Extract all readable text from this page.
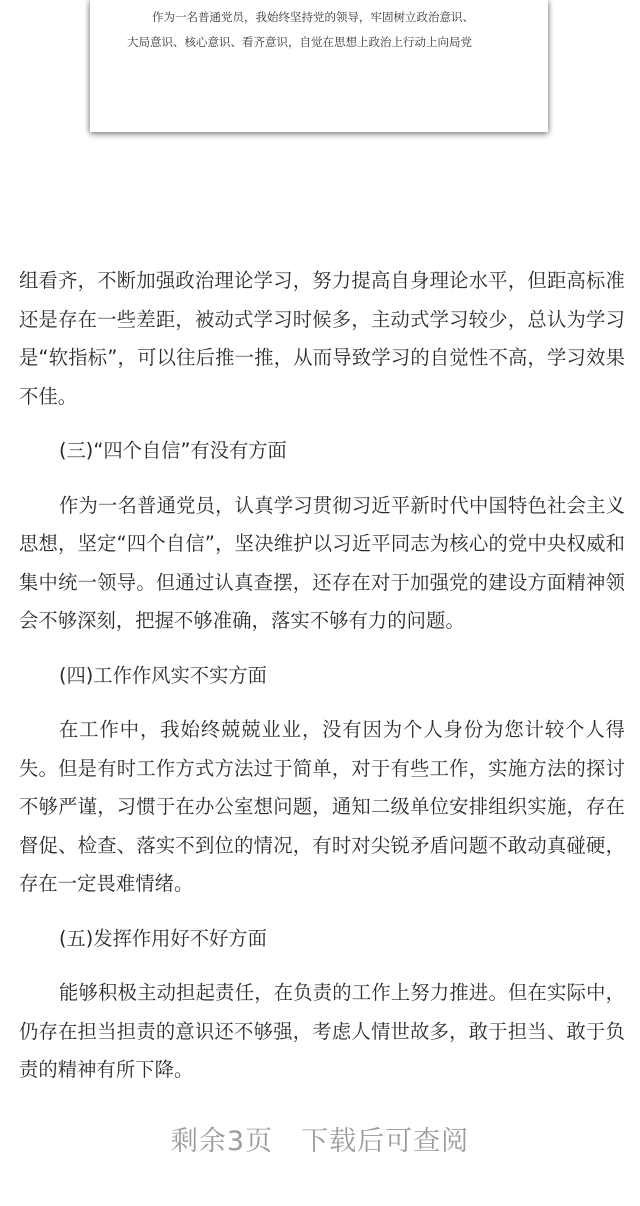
作为一名普通党员，我始终坚持党的领导，牢固树立政治意识、
大局意识、核心意识、看齐意识，自觉在思想上政治上行动上向局党

组看齐，不断加强政治理论学习，努力提高自身理论水平，但距高标准还是存在一些差距，被动式学习时候多，主动式学习较少，总认为学习是“软指标”，可以往后推一推，从而导致学习的自觉性不高，学习效果不佳。

(三)“四个自信”有没有方面

作为一名普通党员，认真学习贯彻习近平新时代中国特色社会主义思想，坚定“四个自信”，坚决维护以习近平同志为核心的党中央权威和集中统一领导。但通过认真查摆，还存在对于加强党的建设方面精神领会不够深刻，把握不够准确，落实不够有力的问题。

(四)工作作风实不实方面

在工作中，我始终兢兢业业，没有因为个人身份为您计较个人得失。但是有时工作方式方法过于简单，对于有些工作，实施方法的探讨不够严谨，习惯于在办公室想问题，通知二级单位安排组织实施，存在督促、检查、落实不到位的情况，有时对尖锐矛盾问题不敢动真碰硬，存在一定畏难情绪。

(五)发挥作用好不好方面

能够积极主动担起责任，在负责的工作上努力推进。但在实际中，仍存在担当担责的意识还不够强，考虑人情世故多，敢于担当、敢于负责的精神有所下降。

剩余3页 下载后可查阅
